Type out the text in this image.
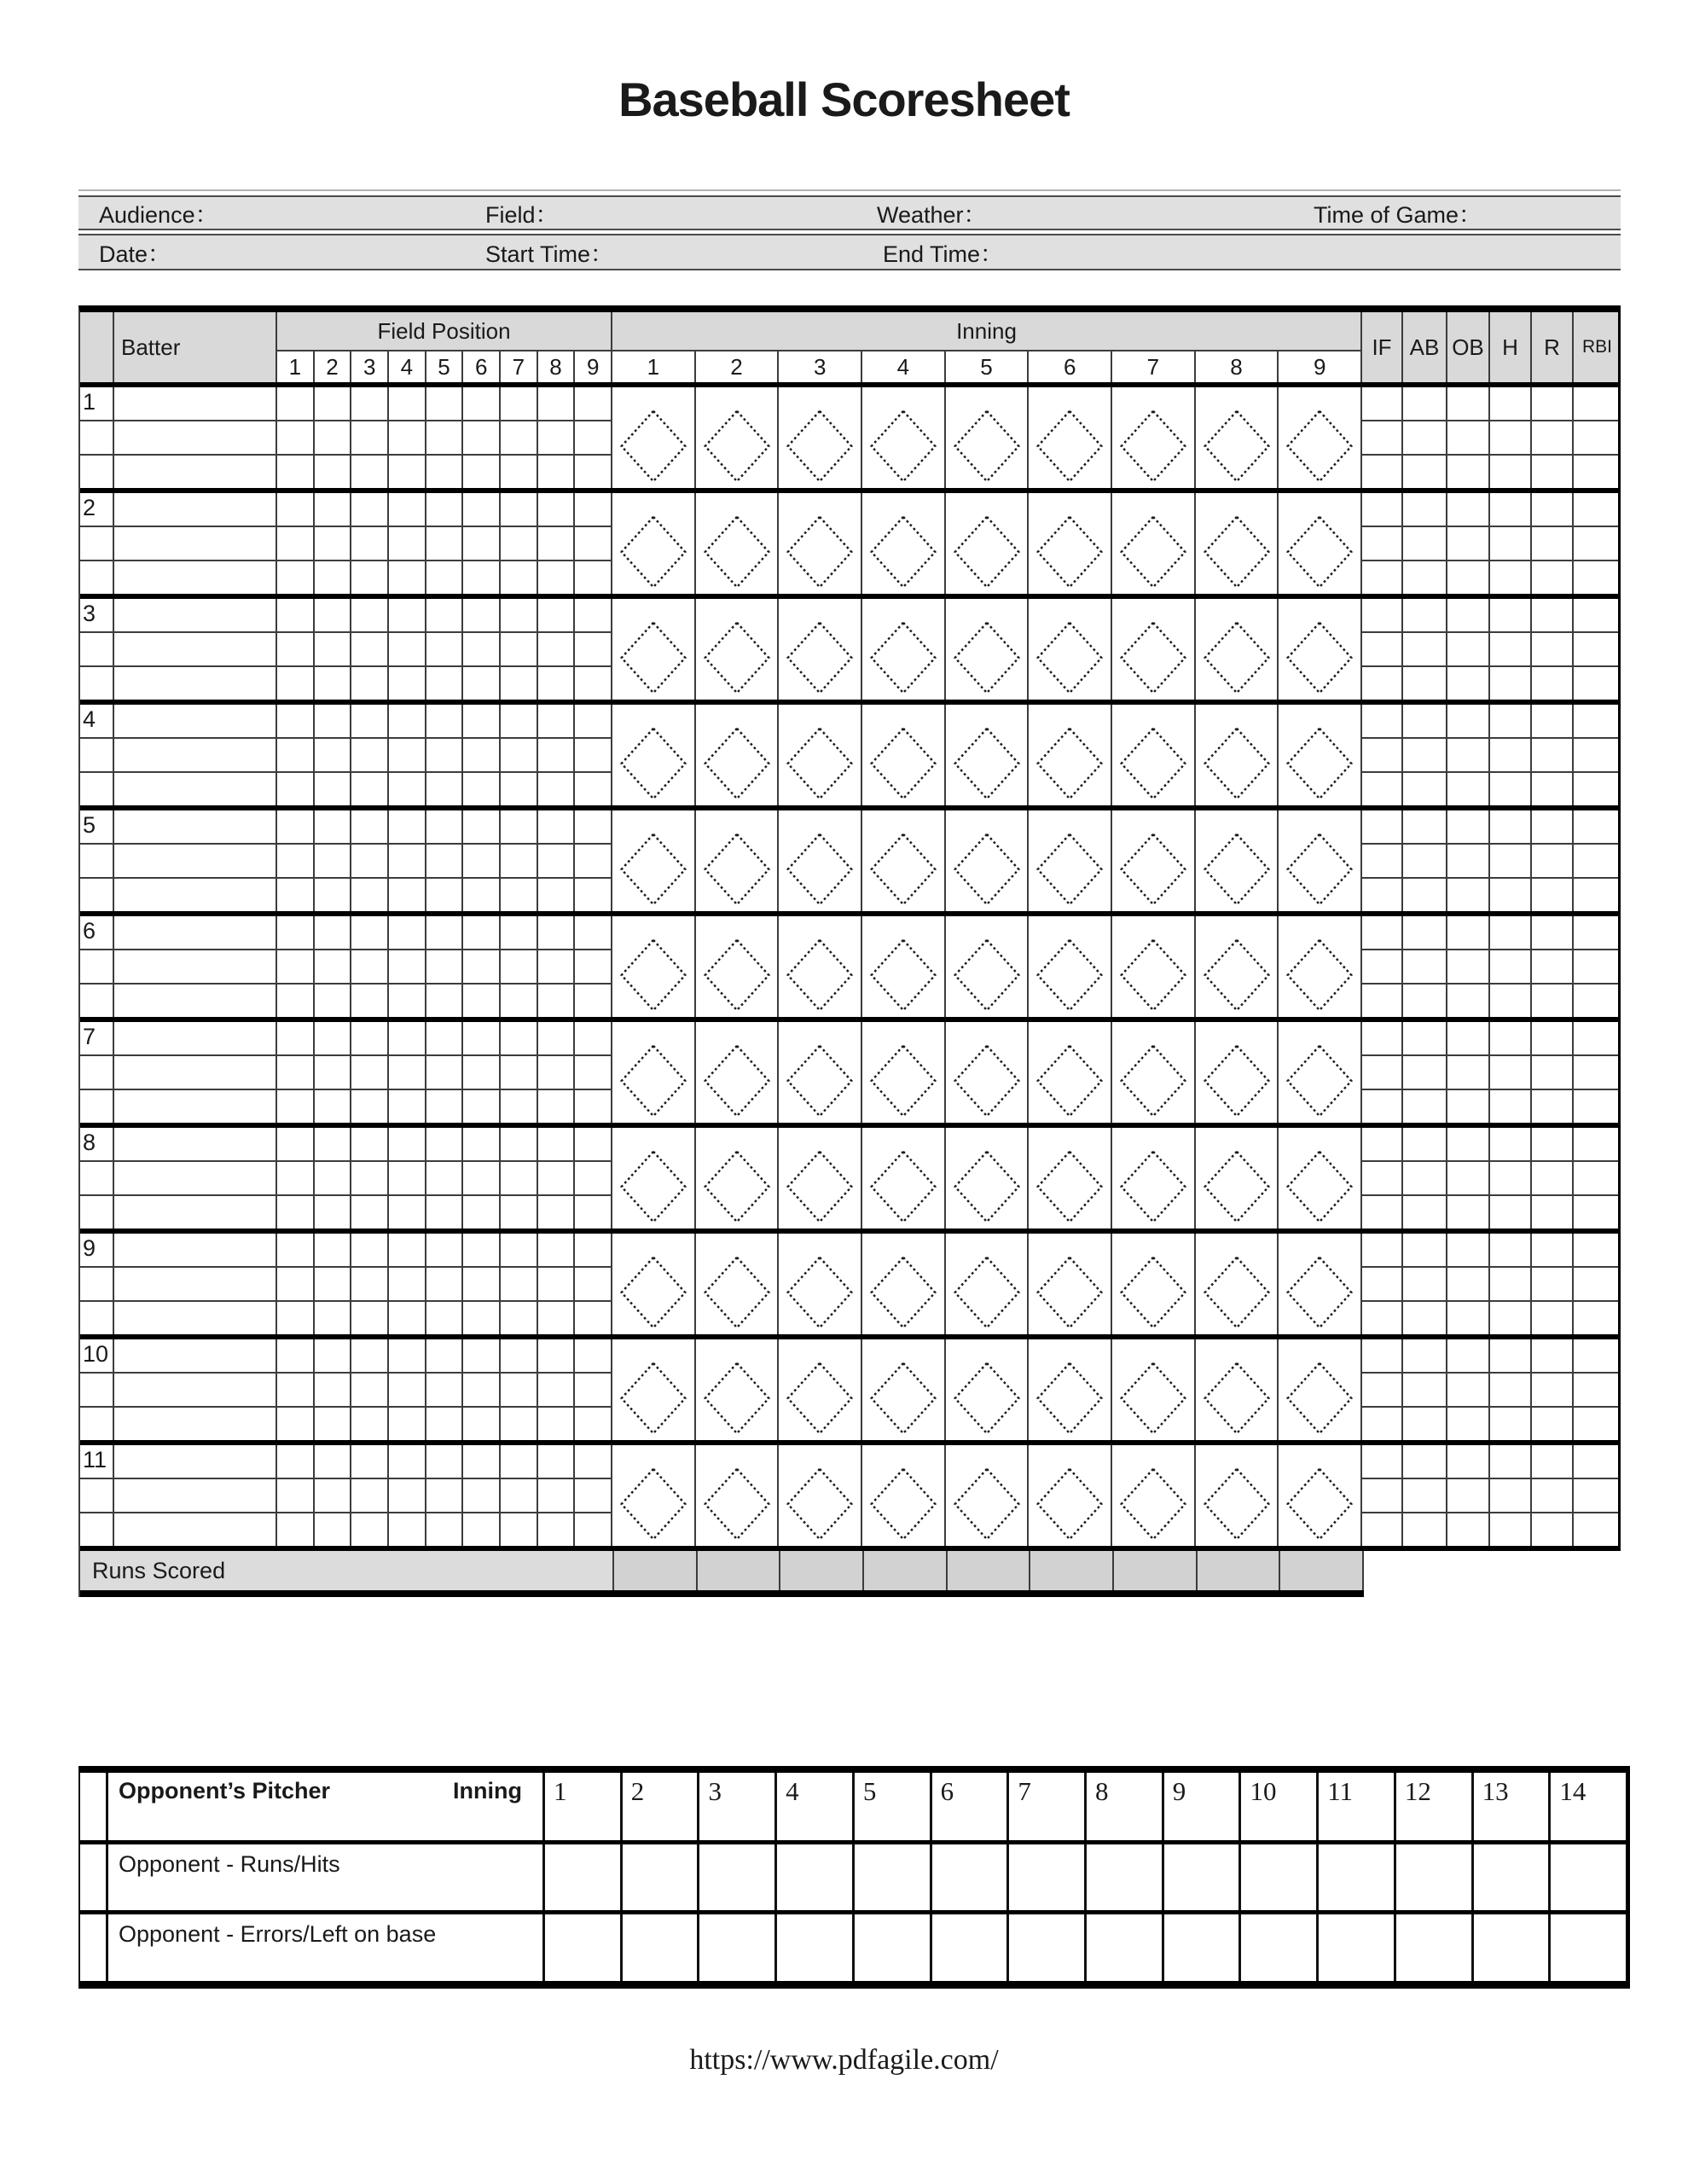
Baseball Scoresheet
Audience：	Field：	Weather：	Time of Game：
Date：	Start Time：	End Time：
Batter
Field Position
1	2	3	4	5	6	7	8	9
Inning
1	2	3	4	5	6	7	8	9
IF AB OB H	R	RBI
1
2
3
4
5
6
7
8
9
10
11
Runs Scored
Opponent’s Pitcher	Inning	1	2	3	4	5	6	7	8	9	10	11	12	13	14
Opponent - Runs/Hits
Opponent - Errors/Left on base
https://www.pdfagile.com/
